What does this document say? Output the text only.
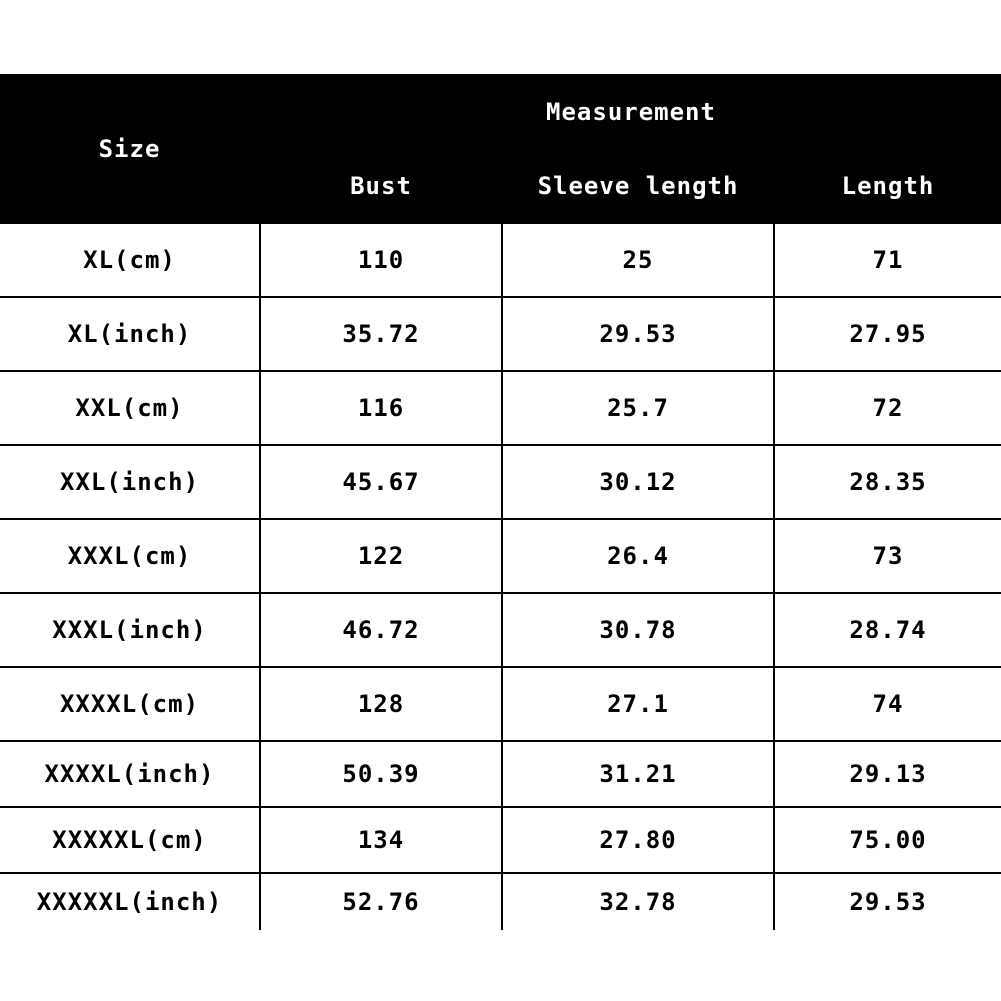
Size	Measurement		
	Bust	Sleeve length	Length
XL(cm)	110	25	71
XL(inch)	35.72	29.53	27.95
XXL(cm)	116	25.7	72
XXL(inch)	45.67	30.12	28.35
XXXL(cm)	122	26.4	73
XXXL(inch)	46.72	30.78	28.74
XXXXL(cm)	128	27.1	74
XXXXL(inch)	50.39	31.21	29.13
XXXXXL(cm)	134	27.80	75.00
XXXXXL(inch)	52.76	32.78	29.53
